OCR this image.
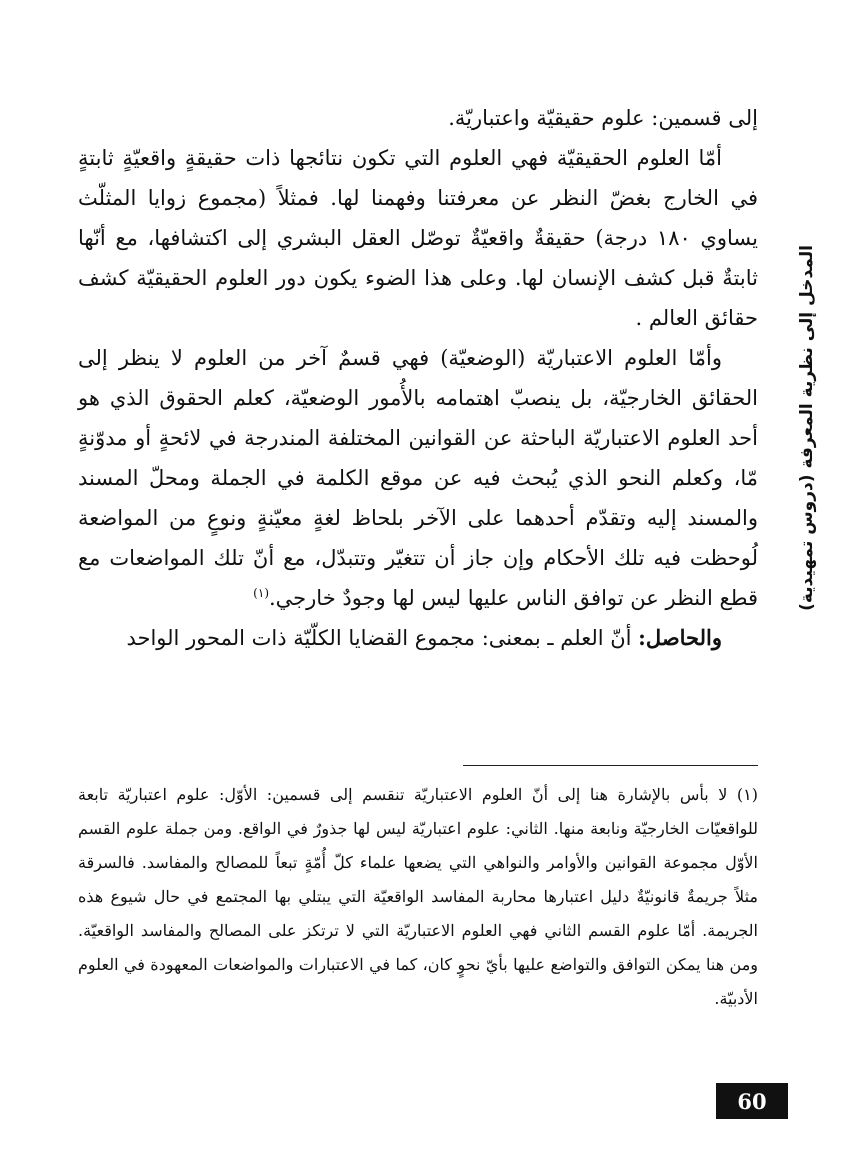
إلى قسمين: علوم حقيقيّة واعتباريّة.

أمّا العلوم الحقيقيّة فهي العلوم التي تكون نتائجها ذات حقيقةٍ واقعيّةٍ ثابتةٍ في الخارج بغضّ النظر عن معرفتنا وفهمنا لها. فمثلاً (مجموع زوايا المثلّث يساوي ١٨٠ درجة) حقيقةٌ واقعيّةٌ توصّل العقل البشري إلى اكتشافها، مع أنّها ثابتةٌ قبل كشف الإنسان لها. وعلى هذا الضوء يكون دور العلوم الحقيقيّة كشف حقائق العالم .

وأمّا العلوم الاعتباريّة (الوضعيّة) فهي قسمٌ آخر من العلوم لا ينظر إلى الحقائق الخارجيّة، بل ينصبّ اهتمامه بالأُمور الوضعيّة، كعلم الحقوق الذي هو أحد العلوم الاعتباريّة الباحثة عن القوانين المختلفة المندرجة في لائحةٍ أو مدوّنةٍ مّا، وكعلم النحو الذي يُبحث فيه عن موقع الكلمة في الجملة ومحلّ المسند والمسند إليه وتقدّم أحدهما على الآخر بلحاظ لغةٍ معيّنةٍ ونوعٍ من المواضعة لُوحظت فيه تلك الأحكام وإن جاز أن تتغيّر وتتبدّل، مع أنّ تلك المواضعات مع قطع النظر عن توافق الناس عليها ليس لها وجودٌ خارجي.$^{(١)}$

والحاصل: أنّ العلم ـ بمعنى: مجموع القضايا الكلّيّة ذات المحور الواحد

(١) لا بأس بالإشارة هنا إلى أنّ العلوم الاعتباريّة تنقسم إلى قسمين: الأوّل: علوم اعتباريّة تابعة للواقعيّات الخارجيّة ونابعة منها. الثاني: علوم اعتباريّة ليس لها جذورٌ في الواقع. ومن جملة علوم القسم الأوّل مجموعة القوانين والأوامر والنواهي التي يضعها علماء كلّ أُمّةٍ تبعاً للمصالح والمفاسد. فالسرقة مثلاً جريمةٌ قانونيّةٌ دليل اعتبارها محاربة المفاسد الواقعيّة التي يبتلي بها المجتمع في حال شيوع هذه الجريمة. أمّا علوم القسم الثاني فهي العلوم الاعتباريّة التي لا ترتكز على المصالح والمفاسد الواقعيّة. ومن هنا يمكن التوافق والتواضع عليها بأيّ نحوٍ كان، كما في الاعتبارات والمواضعات المعهودة في العلوم الأدبيّة.

المدخل إلى نظرية المعرفة (دروس تمهيدية)
60
